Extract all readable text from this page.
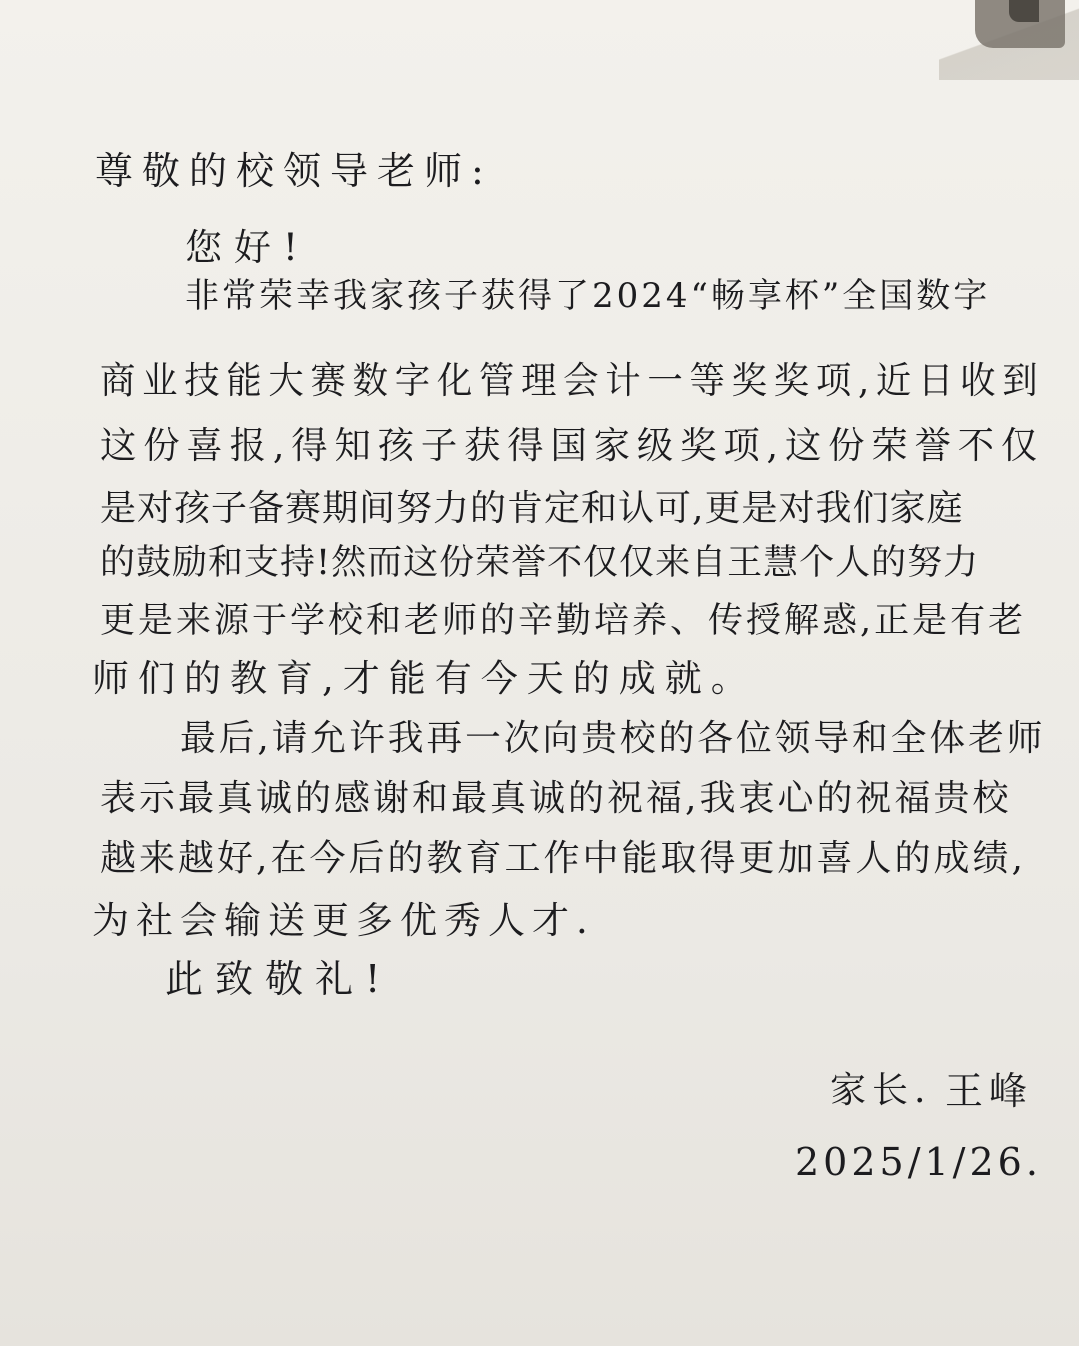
尊敬的校领导老师:
您好!
非常荣幸我家孩子获得了2024“畅享杯”全国数字
商业技能大赛数字化管理会计一等奖奖项,近日收到
这份喜报,得知孩子获得国家级奖项,这份荣誉不仅
是对孩子备赛期间努力的肯定和认可,更是对我们家庭
的鼓励和支持!然而这份荣誉不仅仅来自王慧个人的努力
更是来源于学校和老师的辛勤培养、传授解惑,正是有老
师们的教育,才能有今天的成就。
最后,请允许我再一次向贵校的各位领导和全体老师
表示最真诚的感谢和最真诚的祝福,我衷心的祝福贵校
越来越好,在今后的教育工作中能取得更加喜人的成绩,
为社会输送更多优秀人才.
此致敬礼!
家长. 王峰
2025/1/26.
